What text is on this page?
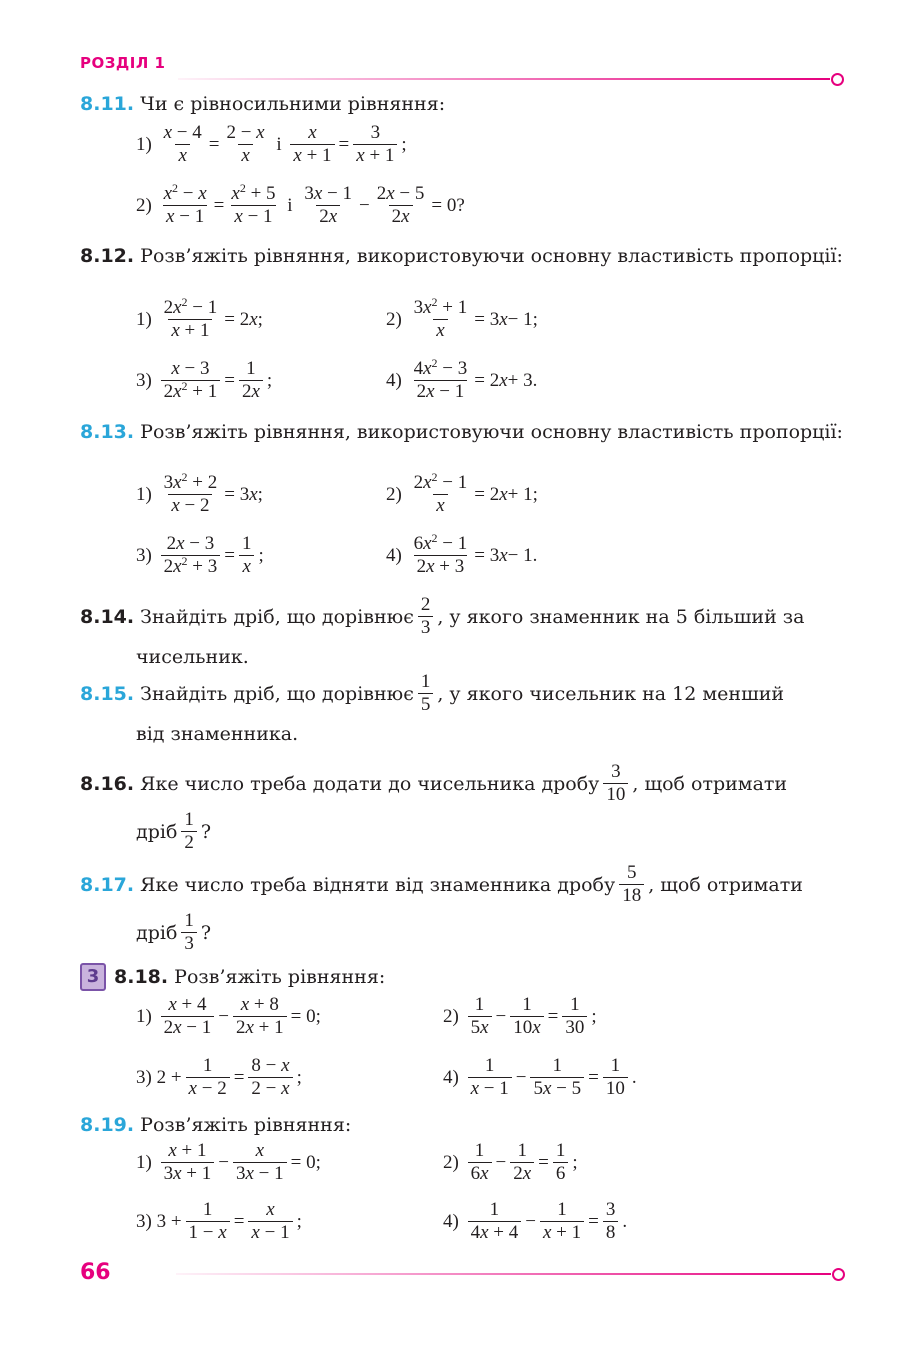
РОЗДІЛ 1
8.11. Чи є рівносильними рівняння:
1)
x − 4
x
=
2 − x
x
і
x
x + 1
=
3
x + 1
;
2)
$x^2 - x$
x − 1
=
$x^2 + 5$
x − 1
і
3x − 1
2x
−
2x − 5
2x
= 0?
8.12. Розв’яжіть рівняння, використовуючи основну властивість пропорції:
1)
$2x^2 - 1$
x + 1
= 2 x ;	2)
$3x^2 + 1$
x
= 3 x − 1;
3)
x − 3
$2x^2 + 1$
=
1
2x
;	4)
$4x^2 - 3$
2x − 1
= 2 x + 3.
8.13. Розв’яжіть рівняння, використовуючи основну властивість пропорції:
1)
$3x^2 + 2$
x − 2
= 3 x ;	2)
$2x^2 - 1$
x
= 2 x + 1;
3)
2x − 3
$2x^2 + 3$
=
1
x
;	4)
$6x^2 - 1$
2x + 3
= 3 x − 1.
8.14.
Знайдіть дріб, що дорівнює
2
3 , у якого знаменник на 5 більший за
чисельник.
8.15.
Знайдіть дріб, що дорівнює
1
5 , у якого чисельник на 12 менший
від знаменника.
8.16.
Яке число треба додати до чисельника дробу
3
10 , щоб отримати
дріб
1
2 ?
8.17.
Яке число треба відняти від знаменника дробу
5
18 , щоб отримати
дріб
1
3 ?
3 8.18.
Розв’яжіть рівняння:
1)
x + 4
2x − 1
−
x + 8
2x + 1
= 0;	2)
1
5x
−
1
10x
=
1
30
;
3) 2 +
1
x − 2
=
8 − x
2 − x
;	4)
1
x − 1
−
1
5x − 5
=
1
10
.
8.19. Розв’яжіть рівняння:
1)
x + 1
3x + 1
−
x
3x − 1
= 0;	2)
1
6x
−
1
2x
=
1
6
;
3) 3 +
1
1 − x
=
x
x − 1
;	4)
1
4x + 4
−
1
x + 1
=
3
8
.
66
